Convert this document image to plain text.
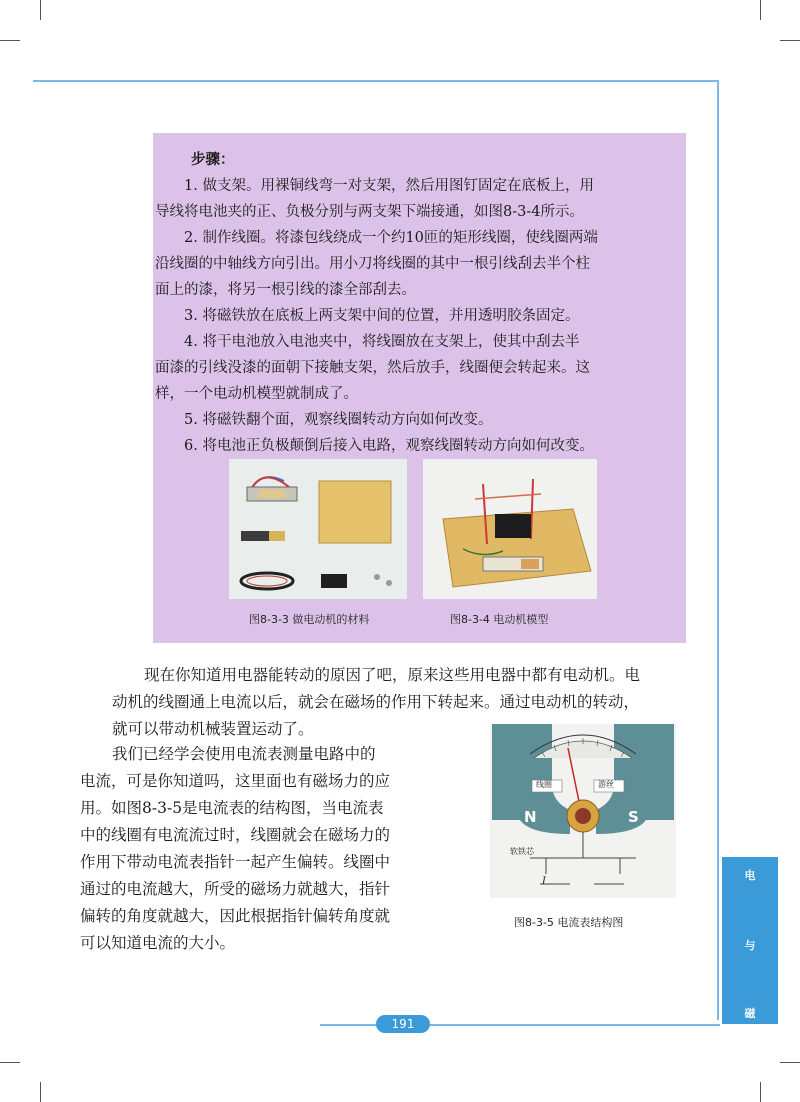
步骤：
1. 做支架。用裸铜线弯一对支架，然后用图钉固定在底板上，用
导线将电池夹的正、负极分别与两支架下端接通，如图8-3-4所示。
2. 制作线圈。将漆包线绕成一个约10匝的矩形线圈，使线圈两端
沿线圈的中轴线方向引出。用小刀将线圈的其中一根引线刮去半个柱
面上的漆，将另一根引线的漆全部刮去。
3. 将磁铁放在底板上两支架中间的位置，并用透明胶条固定。
4. 将干电池放入电池夹中，将线圈放在支架上，使其中刮去半
面漆的引线没漆的面朝下接触支架，然后放手，线圈便会转起来。这
样，一个电动机模型就制成了。
5. 将磁铁翻个面，观察线圈转动方向如何改变。
6. 将电池正负极颠倒后接入电路，观察线圈转动方向如何改变。
图8-3-3 做电动机的材料	图8-3-4 电动机模型
现在你知道用电器能转动的原因了吧，原来这些用电器中都有电动机。电
动机的线圈通上电流以后，就会在磁场的作用下转起来。通过电动机的转动，
就可以带动机械装置运动了。
我们已经学会使用电流表测量电路中的
电流，可是你知道吗，这里面也有磁场力的应
用。如图8-3-5是电流表的结构图，当电流表
中的线圈有电流流过时，线圈就会在磁场力的
作用下带动电流表指针一起产生偏转。线圈中
通过的电流越大，所受的磁场力就越大，指针
偏转的角度就越大，因此根据指针偏转角度就
可以知道电流的大小。
线圈	游丝
N	S
软铁芯
I
图8-3-5 电流表结构图
电
与
磁
191
